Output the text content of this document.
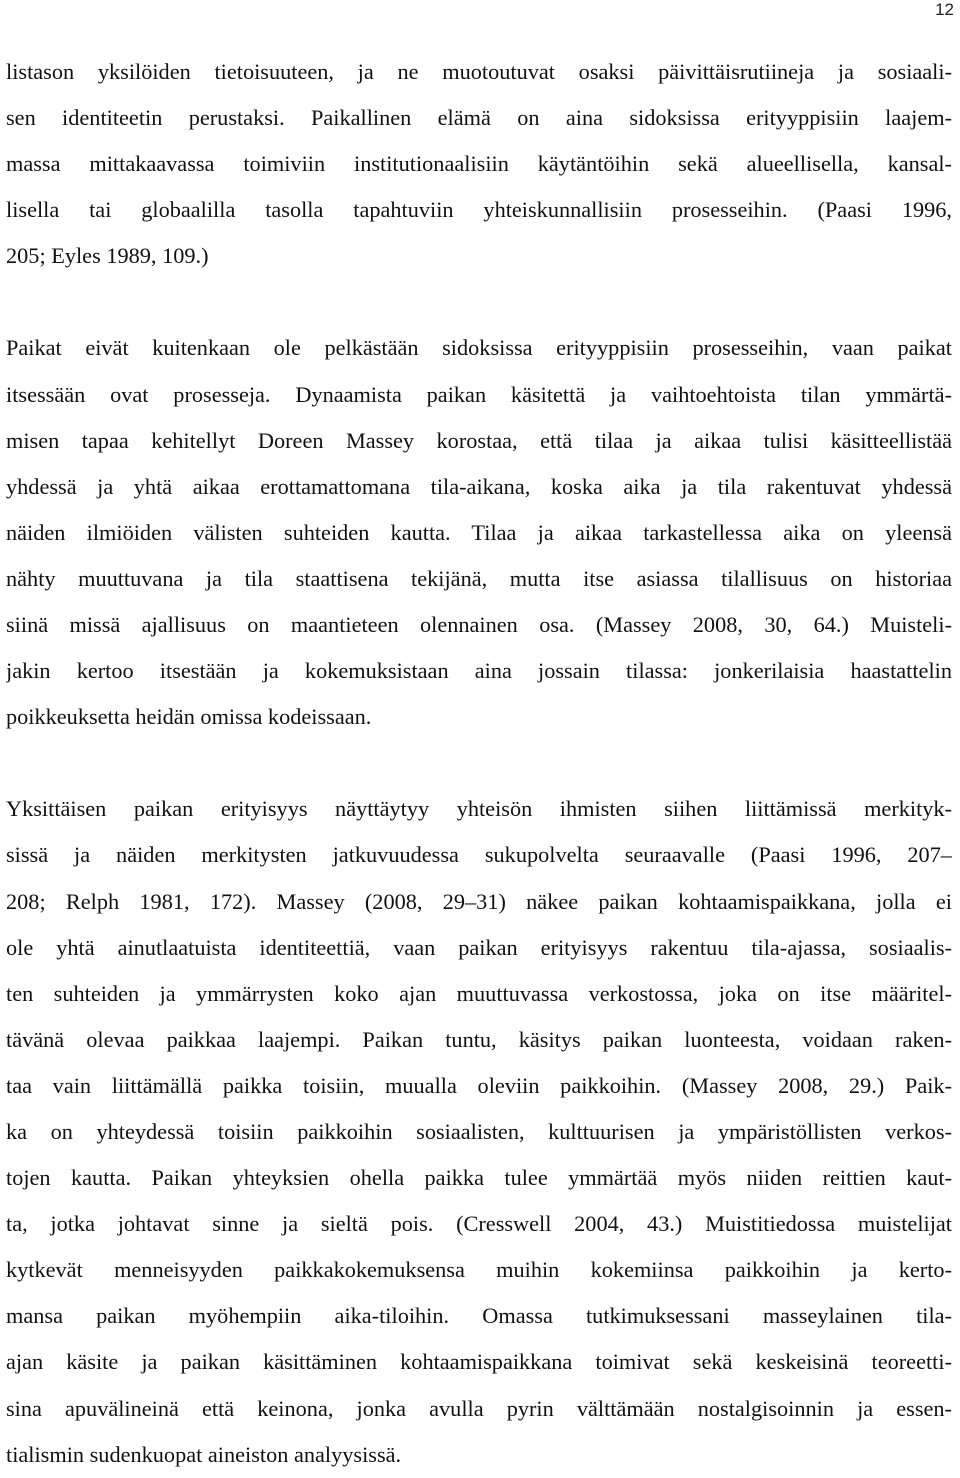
12
listason yksilöiden tietoisuuteen, ja ne muotoutuvat osaksi päivittäisrutiineja ja sosiaali-
sen identiteetin perustaksi. Paikallinen elämä on aina sidoksissa erityyppisiin laajem-
massa mittakaavassa toimiviin institutionaalisiin käytäntöihin sekä alueellisella, kansal-
lisella tai globaalilla tasolla tapahtuviin yhteiskunnallisiin prosesseihin. (Paasi 1996,
205; Eyles 1989, 109.)
Paikat eivät kuitenkaan ole pelkästään sidoksissa erityyppisiin prosesseihin, vaan paikat
itsessään ovat prosesseja. Dynaamista paikan käsitettä ja vaihtoehtoista tilan ymmärtä-
misen tapaa kehitellyt Doreen Massey korostaa, että tilaa ja aikaa tulisi käsitteellistää
yhdessä ja yhtä aikaa erottamattomana tila-aikana, koska aika ja tila rakentuvat yhdessä
näiden ilmiöiden välisten suhteiden kautta. Tilaa ja aikaa tarkastellessa aika on yleensä
nähty muuttuvana ja tila staattisena tekijänä, mutta itse asiassa tilallisuus on historiaa
siinä missä ajallisuus on maantieteen olennainen osa. (Massey 2008, 30, 64.) Muisteli-
jakin kertoo itsestään ja kokemuksistaan aina jossain tilassa: jonkerilaisia haastattelin
poikkeuksetta heidän omissa kodeissaan.
Yksittäisen paikan erityisyys näyttäytyy yhteisön ihmisten siihen liittämissä merkityk-
sissä ja näiden merkitysten jatkuvuudessa sukupolvelta seuraavalle (Paasi 1996, 207–
208; Relph 1981, 172). Massey (2008, 29–31) näkee paikan kohtaamispaikkana, jolla ei
ole yhtä ainutlaatuista identiteettiä, vaan paikan erityisyys rakentuu tila-ajassa, sosiaalis-
ten suhteiden ja ymmärrysten koko ajan muuttuvassa verkostossa, joka on itse määritel-
tävänä olevaa paikkaa laajempi. Paikan tuntu, käsitys paikan luonteesta, voidaan raken-
taa vain liittämällä paikka toisiin, muualla oleviin paikkoihin. (Massey 2008, 29.) Paik-
ka on yhteydessä toisiin paikkoihin sosiaalisten, kulttuurisen ja ympäristöllisten verkos-
tojen kautta. Paikan yhteyksien ohella paikka tulee ymmärtää myös niiden reittien kaut-
ta, jotka johtavat sinne ja sieltä pois. (Cresswell 2004, 43.) Muistitiedossa muistelijat
kytkevät menneisyyden paikkakokemuksensa muihin kokemiinsa paikkoihin ja kerto-
mansa paikan myöhempiin aika-tiloihin. Omassa tutkimuksessani masseylainen tila-
ajan käsite ja paikan käsittäminen kohtaamispaikkana toimivat sekä keskeisinä teoreetti-
sina apuvälineinä että keinona, jonka avulla pyrin välttämään nostalgisoinnin ja essen-
tialismin sudenkuopat aineiston analyysissä.
